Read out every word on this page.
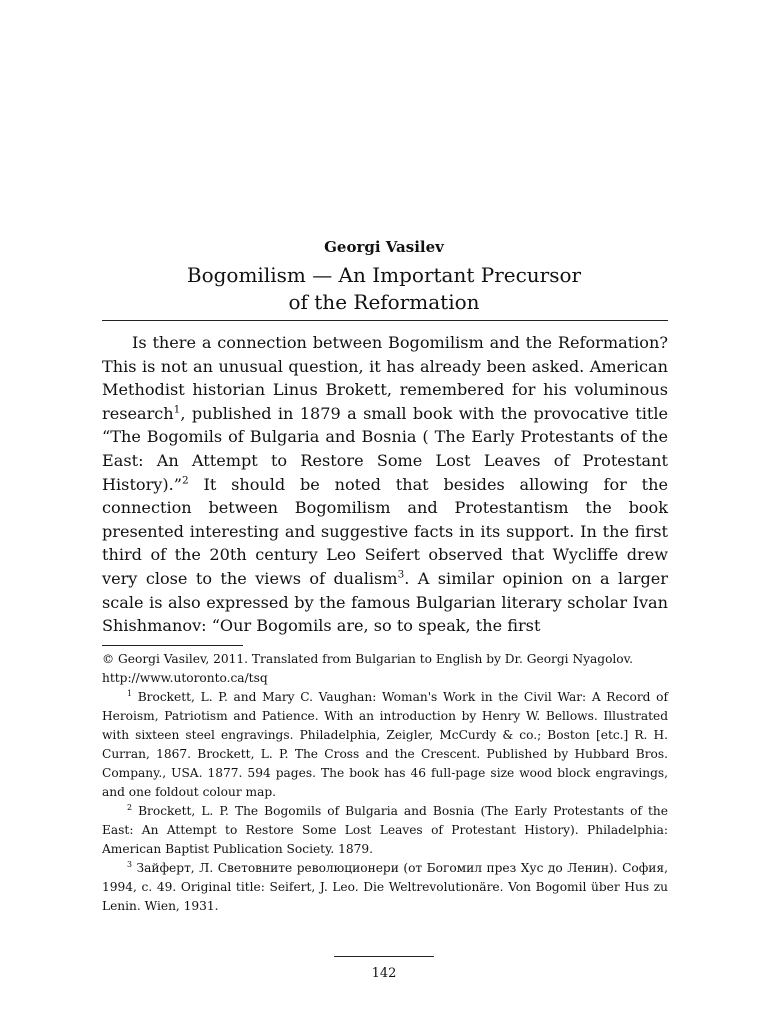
Georgi Vasilev
Bogomilism — An Important Precursor
of the Reformation

Is there a connection between Bogomilism and the Reformation? This is not an unusual question, it has already been asked. American Methodist historian Linus Brokett, remembered for his voluminous research$^1$, published in 1879 a small book with the provocative title “The Bogomils of Bulgaria and Bosnia ( The Early Protestants of the East: An Attempt to Restore Some Lost Leaves of Protestant History).”$^2$ It should be noted that besides allowing for the connection between Bogomilism and Protestantism the book presented interesting and suggestive facts in its support. In the first third of the 20th century Leo Seifert observed that Wycliffe drew very close to the views of dualism$^3$. A similar opinion on a larger scale is also expressed by the famous Bulgarian literary scholar Ivan Shishmanov: “Our Bogomils are, so to speak, the first

© Georgi Vasilev, 2011. Translated from Bulgarian to English by Dr. Georgi Nyagolov.

http://www.utoronto.ca/tsq

$^1$ Brockett, L. P. and Mary C. Vaughan: Woman's Work in the Civil War: A Record of Heroism, Patriotism and Patience. With an introduction by Henry W. Bellows. Illustrated with sixteen steel engravings. Philadelphia, Zeigler, McCurdy & co.; Boston [etc.] R. H. Curran, 1867. Brockett, L. P. The Cross and the Crescent. Published by Hubbard Bros. Company., USA. 1877. 594 pages. The book has 46 full-page size wood block engravings, and one foldout colour map.

$^2$ Brockett, L. P. The Bogomils of Bulgaria and Bosnia (The Early Protestants of the East: An Attempt to Restore Some Lost Leaves of Protestant History). Philadelphia: American Baptist Publication Society. 1879.

$^3$ Зайферт, Л. Световните революционери (от Богомил през Хус до Ленин). София, 1994, с. 49. Original title: Seifert, J. Leo. Die Weltrevolutionäre. Von Bogomil über Hus zu Lenin. Wien, 1931.

142
